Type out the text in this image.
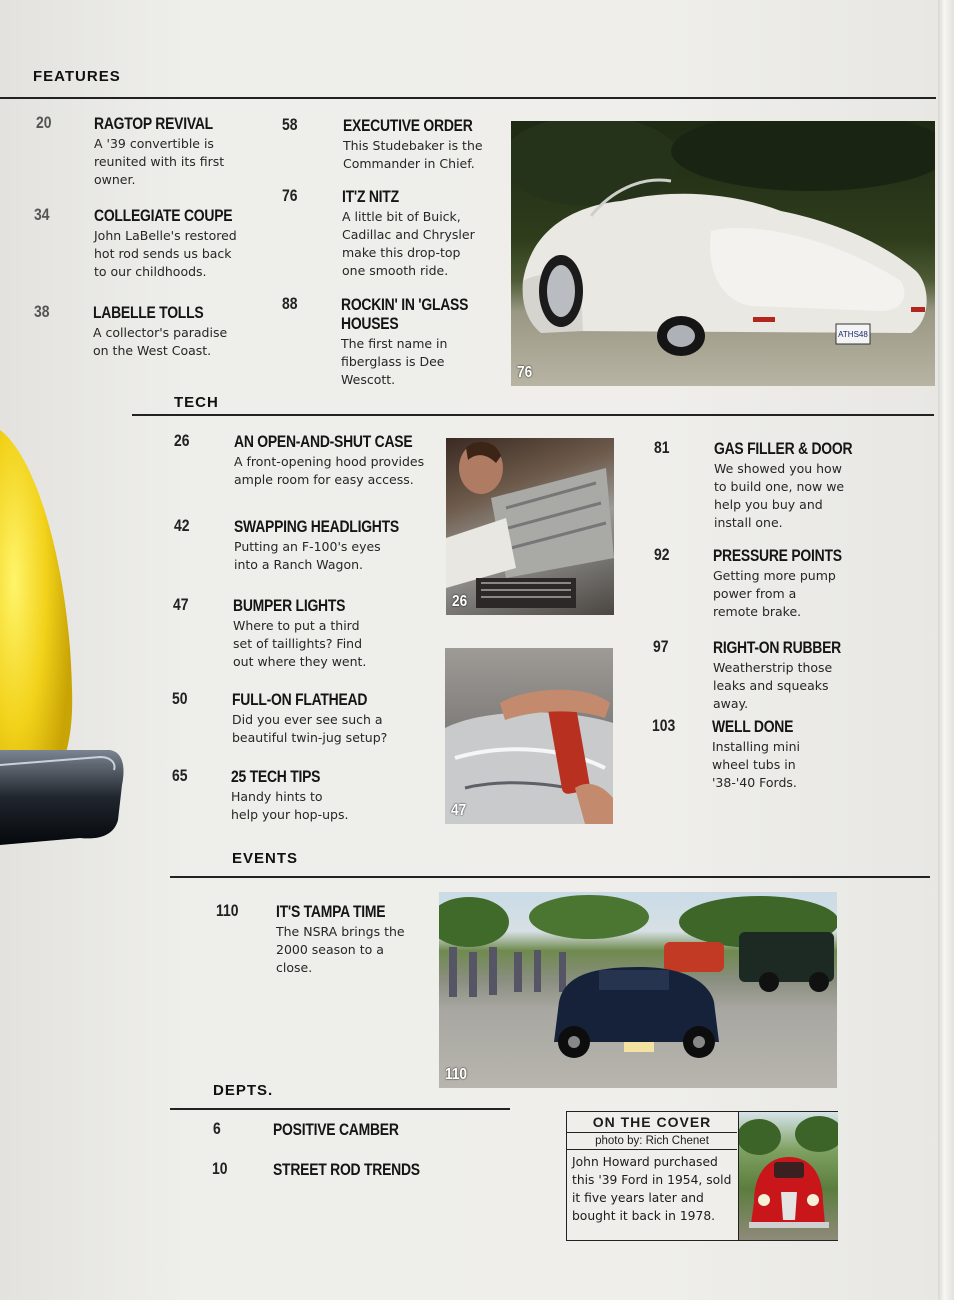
FEATURES
20 RAGTOP REVIVAL
A '39 convertible is reunited with its first owner.
34	COLLEGIATE COUPE
John LaBelle's restored hot rod sends us back to our childhoods.
38	LABELLE TOLLS
A collector's paradise on the West Coast.
58	EXECUTIVE ORDER
This Studebaker is the Commander in Chief.
76	IT'Z NITZ
A little bit of Buick, Cadillac and Chrysler make this drop-top one smooth ride.
88	ROCKIN' IN 'GLASS HOUSES
The first name in fiberglass is Dee Wescott.
ATHS48
76
TECH
26	AN OPEN-AND-SHUT CASE
A front-opening hood provides ample room for easy access.
42	SWAPPING HEADLIGHTS
Putting an F-100's eyes into a Ranch Wagon.
47	BUMPER LIGHTS
Where to put a third set of taillights? Find out where they went.
50	FULL-ON FLATHEAD
Did you ever see such a beautiful twin-jug setup?
65	25 TECH TIPS
Handy hints to help your hop-ups.
26
47
81	GAS FILLER & DOOR
We showed you how to build one, now we help you buy and install one.
92	PRESSURE POINTS
Getting more pump power from a remote brake.
97	RIGHT-ON RUBBER
Weatherstrip those leaks and squeaks away.
103 WELL DONE
Installing mini wheel tubs in '38-'40 Fords.
EVENTS
110 IT'S TAMPA TIME
The NSRA brings the 2000 season to a close.
110
DEPTS.
6	POSITIVE CAMBER
10	STREET ROD TRENDS
ON THE COVER
photo by: Rich Chenet
John Howard purchased this '39 Ford in 1954, sold it five years later and bought it back in 1978.
